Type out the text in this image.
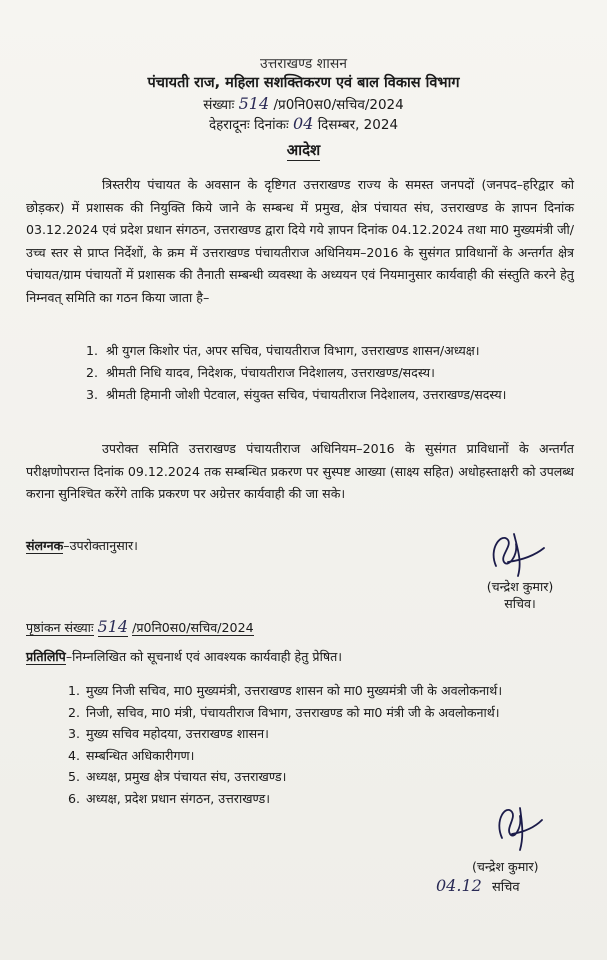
उत्तराखण्ड शासन
पंचायती राज, महिला सशक्तिकरण एवं बाल विकास विभाग
संख्याः 514 /प्र0नि0स0/सचिव/2024
देहरादूनः दिनांकः 04 दिसम्बर, 2024
आदेश
त्रिस्तरीय पंचायत के अवसान के दृष्टिगत उत्तराखण्ड राज्य के समस्त जनपदों (जनपद–हरिद्वार को छोड़कर) में प्रशासक की नियुक्ति किये जाने के सम्बन्ध में प्रमुख, क्षेत्र पंचायत संघ, उत्तराखण्ड के ज्ञापन दिनांक 03.12.2024 एवं प्रदेश प्रधान संगठन, उत्तराखण्ड द्वारा दिये गये ज्ञापन दिनांक 04.12.2024 तथा मा0 मुख्यमंत्री जी/उच्च स्तर से प्राप्त निर्देशों, के क्रम में उत्तराखण्ड पंचायतीराज अधिनियम–2016 के सुसंगत प्राविधानों के अन्तर्गत क्षेत्र पंचायत/ग्राम पंचायतों में प्रशासक की तैनाती सम्बन्धी व्यवस्था के अध्ययन एवं नियमानुसार कार्यवाही की संस्तुति करने हेतु निम्नवत् समिति का गठन किया जाता है–
1. श्री युगल किशोर पंत, अपर सचिव, पंचायतीराज विभाग, उत्तराखण्ड शासन/अध्यक्ष।
2. श्रीमती निधि यादव, निदेशक, पंचायतीराज निदेशालय, उत्तराखण्ड/सदस्य।
3. श्रीमती हिमानी जोशी पेटवाल, संयुक्त सचिव, पंचायतीराज निदेशालय, उत्तराखण्ड/सदस्य।
उपरोक्त समिति उत्तराखण्ड पंचायतीराज अधिनियम–2016 के सुसंगत प्राविधानों के अन्तर्गत परीक्षणोपरान्त दिनांक 09.12.2024 तक सम्बन्धित प्रकरण पर सुस्पष्ट आख्या (साक्ष्य सहित) अधोहस्ताक्षरी को उपलब्ध कराना सुनिश्चित करेंगे ताकि प्रकरण पर अग्रेत्तर कार्यवाही की जा सके।
संलग्नक–उपरोक्तानुसार।
(चन्द्रेश कुमार)
सचिव।
पृष्ठांकन संख्याः 514 /प्र0नि0स0/सचिव/2024
प्रतिलिपि–निम्नलिखित को सूचनार्थ एवं आवश्यक कार्यवाही हेतु प्रेषित।
1. मुख्य निजी सचिव, मा0 मुख्यमंत्री, उत्तराखण्ड शासन को मा0 मुख्यमंत्री जी के अवलोकनार्थ।
2. निजी, सचिव, मा0 मंत्री, पंचायतीराज विभाग, उत्तराखण्ड को मा0 मंत्री जी के अवलोकनार्थ।
3. मुख्य सचिव महोदया, उत्तराखण्ड शासन।
4. सम्बन्धित अधिकारीगण।
5. अध्यक्ष, प्रमुख क्षेत्र पंचायत संघ, उत्तराखण्ड।
6. अध्यक्ष, प्रदेश प्रधान संगठन, उत्तराखण्ड।
(चन्द्रेश कुमार)
04.12 सचिव
